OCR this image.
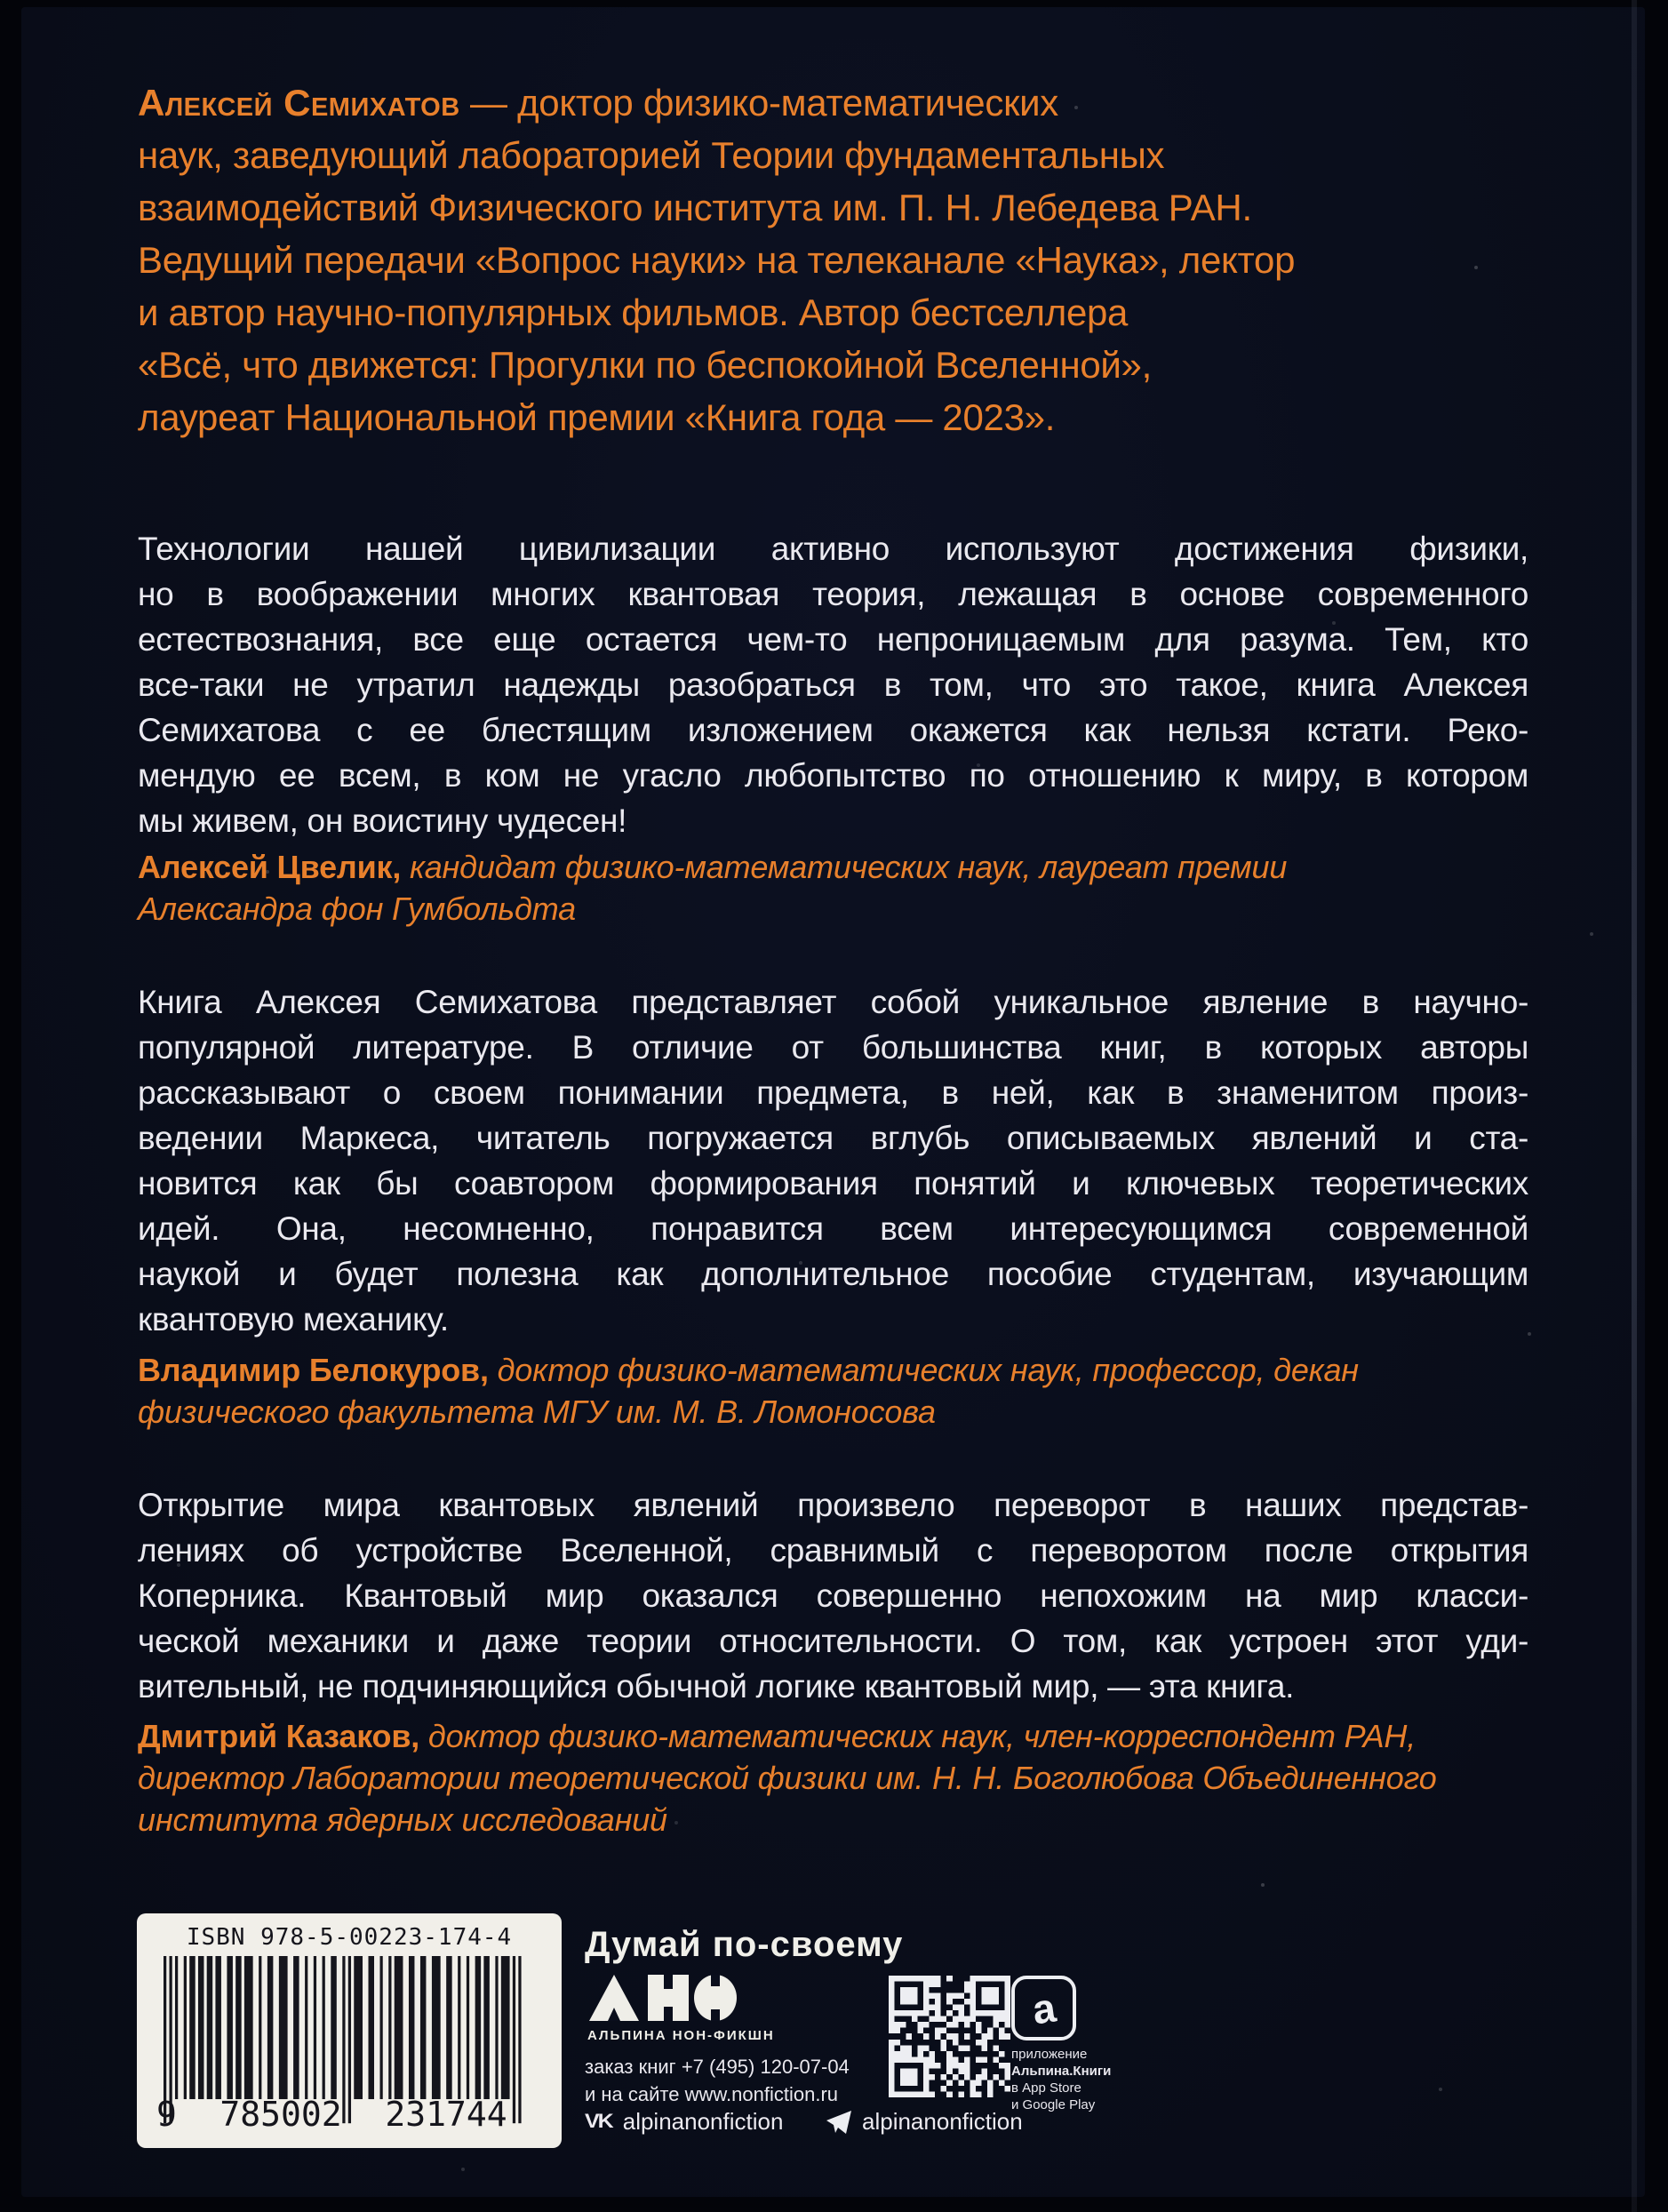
Алексей Семихатов — доктор физико-математических
наук, заведующий лабораторией Теории фундаментальных
взаимодействий Физического института им. П. Н. Лебедева РАН.
Ведущий передачи «Вопрос науки» на телеканале «Наука», лектор
и автор научно-популярных фильмов. Автор бестселлера
«Всё, что движется: Прогулки по беспокойной Вселенной»,
лауреат Национальной премии «Книга года — 2023».
Технологии нашей цивилизации активно используют достижения физики,
но в воображении многих квантовая теория, лежащая в основе современного
естествознания, все еще остается чем-то непроницаемым для разума. Тем, кто
все-таки не утратил надежды разобраться в том, что это такое, книга Алексея
Семихатова с ее блестящим изложением окажется как нельзя кстати. Реко-
мендую ее всем, в ком не угасло любопытство по отношению к миру, в котором
мы живем, он воистину чудесен!
Алексей Цвелик, кандидат физико-математических наук, лауреат премии Александра фон Гумбольдта
Книга Алексея Семихатова представляет собой уникальное явление в научно-
популярной литературе. В отличие от большинства книг, в которых авторы
рассказывают о своем понимании предмета, в ней, как в знаменитом произ-
ведении Маркеса, читатель погружается вглубь описываемых явлений и ста-
новится как бы соавтором формирования понятий и ключевых теоретических
идей. Она, несомненно, понравится всем интересующимся современной
наукой и будет полезна как дополнительное пособие студентам, изучающим
квантовую механику.
Владимир Белокуров, доктор физико-математических наук, профессор, декан физического факультета МГУ им. М. В. Ломоносова
Открытие мира квантовых явлений произвело переворот в наших представ-
лениях об устройстве Вселенной, сравнимый с переворотом после открытия
Коперника. Квантовый мир оказался совершенно непохожим на мир класси-
ческой механики и даже теории относительности. О том, как устроен этот уди-
вительный, не подчиняющийся обычной логике квантовый мир, — эта книга.
Дмитрий Казаков, доктор физико-математических наук, член-корреспондент РАН, директор Лаборатории теоретической физики им. Н. Н. Боголюбова Объединенного института ядерных исследований
ISBN 978-5-00223-174-4
9	785002	231744
Думай по-своему
АЛЬПИНА НОН-ФИКШН
заказ книг +7 (495) 120-07-04
и на сайте www.nonfiction.ru
VK alpinanonfiction	alpinanonfiction
a
приложение
Альпина.Книги
в App Store
и Google Play
